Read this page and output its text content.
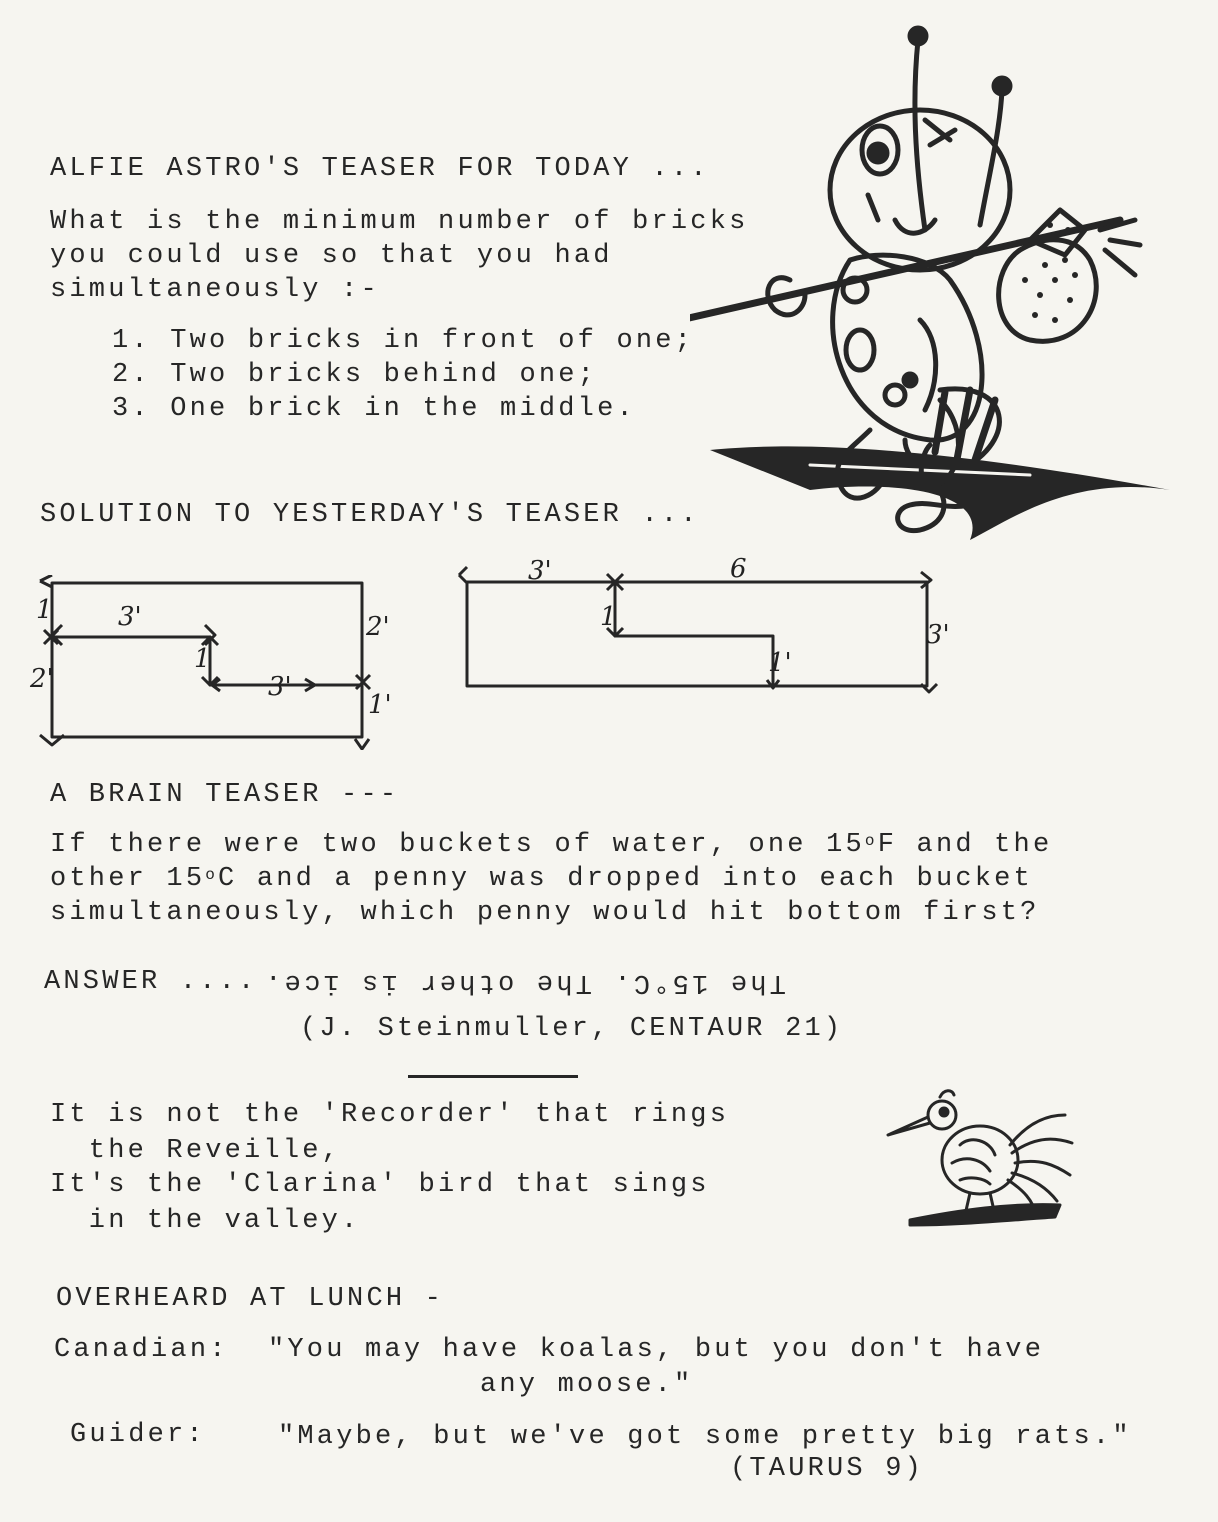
ALFIE ASTRO'S TEASER FOR TODAY ...
What is the minimum number of bricks
you could use so that you had
simultaneously :-
1. Two bricks in front of one;
2. Two bricks behind one;
3. One brick in the middle.
SOLUTION TO YESTERDAY'S TEASER ...
1	3'	2'
1
2'	3'
1'
3'	6
1
1'
3'
A BRAIN TEASER ---
If there were two buckets of water, one 15$^o$F and the
other 15$^o$C and a penny was dropped into each bucket
simultaneously, which penny would hit bottom first?
ANSWER .... The 15°C. The other is ice.
(J. Steinmuller, CENTAUR 21)
It is not the 'Recorder' that rings
the Reveille,
It's the 'Clarina' bird that sings
in the valley.
OVERHEARD AT LUNCH -
Canadian: "You may have koalas, but you don't have
any moose."
Guider:	"Maybe, but we've got some pretty big rats."
(TAURUS 9)
